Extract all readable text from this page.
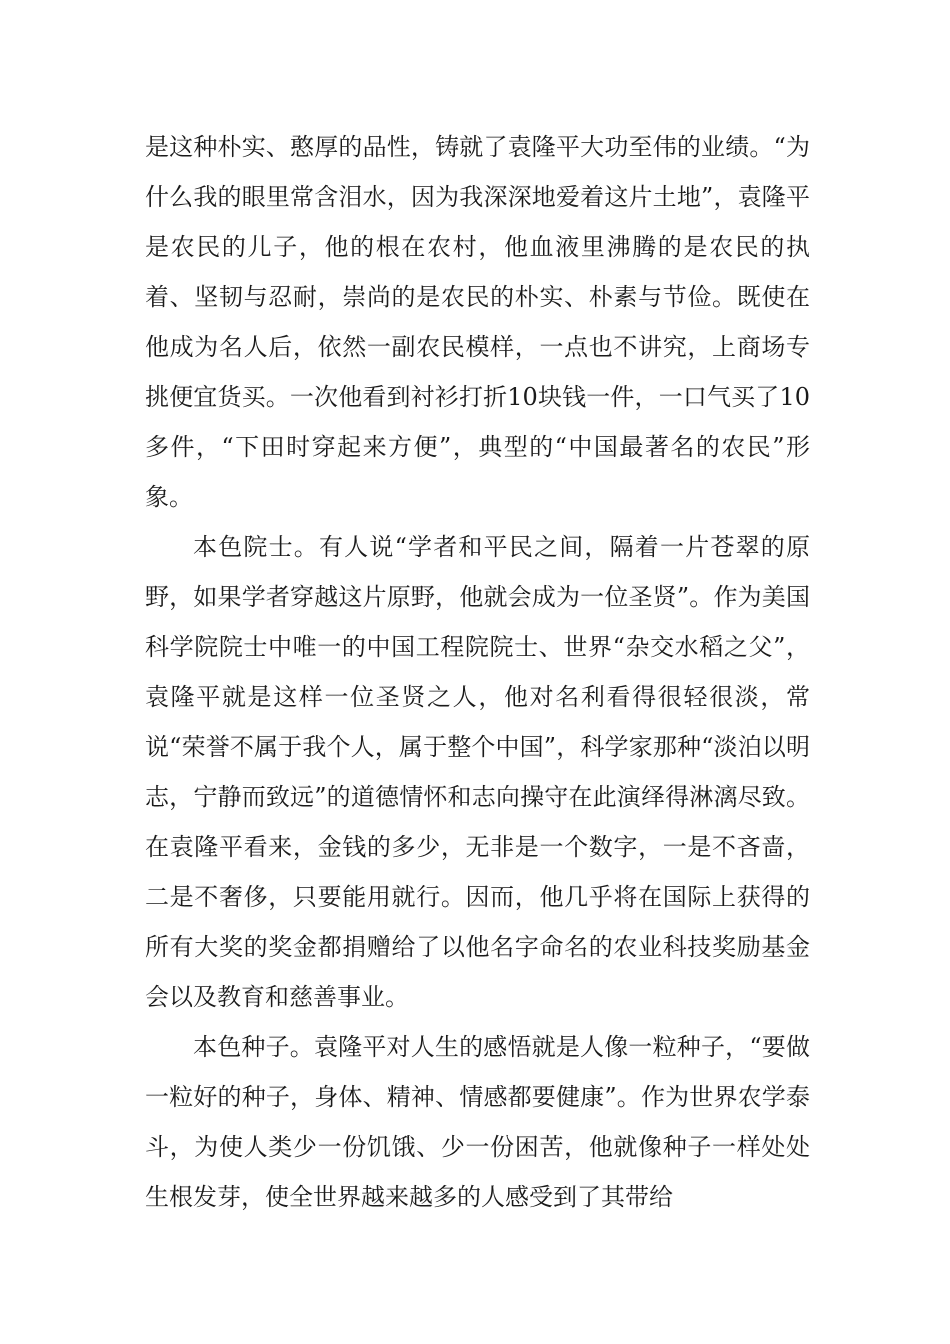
是这种朴实、憨厚的品性，铸就了袁隆平大功至伟的业绩。“为什么我的眼里常含泪水，因为我深深地爱着这片土地”，袁隆平是农民的儿子，他的根在农村，他血液里沸腾的是农民的执着、坚韧与忍耐，崇尚的是农民的朴实、朴素与节俭。既使在他成为名人后，依然一副农民模样，一点也不讲究，上商场专挑便宜货买。一次他看到衬衫打折10块钱一件，一口气买了10多件，“下田时穿起来方便”，典型的“中国最著名的农民”形象。

本色院士。有人说“学者和平民之间，隔着一片苍翠的原野，如果学者穿越这片原野，他就会成为一位圣贤”。作为美国科学院院士中唯一的中国工程院院士、世界“杂交水稻之父”，袁隆平就是这样一位圣贤之人，他对名利看得很轻很淡，常说“荣誉不属于我个人，属于整个中国”，科学家那种“淡泊以明志，宁静而致远”的道德情怀和志向操守在此演绎得淋漓尽致。在袁隆平看来，金钱的多少，无非是一个数字，一是不吝啬，二是不奢侈，只要能用就行。因而，他几乎将在国际上获得的所有大奖的奖金都捐赠给了以他名字命名的农业科技奖励基金会以及教育和慈善事业。

本色种子。袁隆平对人生的感悟就是人像一粒种子，“要做一粒好的种子，身体、精神、情感都要健康”。作为世界农学泰斗，为使人类少一份饥饿、少一份困苦，他就像种子一样处处生根发芽，使全世界越来越多的人感受到了其带给
